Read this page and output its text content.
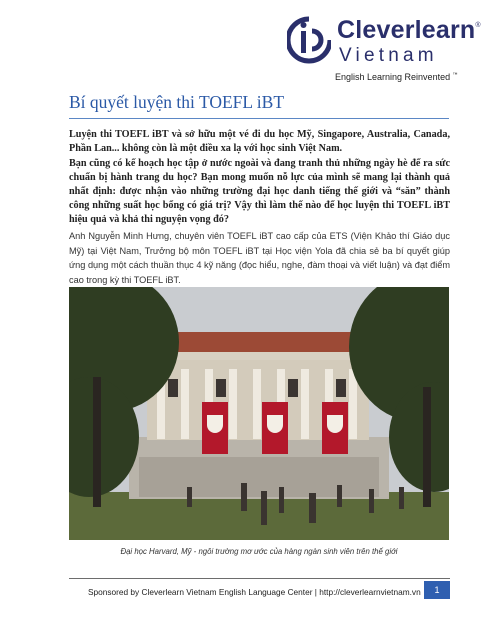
Cleverlearn®
Vietnam
English Learning Reinvented ™
Bí quyết luyện thi TOEFL iBT

Luyện thi TOEFL iBT và sở hữu một vé đi du học Mỹ, Singapore, Australia, Canada, Phần Lan... không còn là một điều xa lạ với học sinh Việt Nam.

Bạn cũng có kế hoạch học tập ở nước ngoài và đang tranh thủ những ngày hè để ra sức chuẩn bị hành trang du học? Bạn mong muốn nỗ lực của mình sẽ mang lại thành quả nhất định: được nhận vào những trường đại học danh tiếng thế giới và “săn” thành công những suất học bổng có giá trị? Vậy thì làm thế nào để học luyện thi TOEFL iBT hiệu quả và khả thi nguyện vọng đó?

Anh Nguyễn Minh Hưng, chuyên viên TOEFL iBT cao cấp của ETS (Viện Khảo thí Giáo dục Mỹ) tại Việt Nam, Trưởng bộ môn TOEFL iBT tại Học viện Yola đã chia sẻ ba bí quyết giúp ứng dụng một cách thuần thục 4 kỹ năng (đọc hiểu, nghe, đàm thoại và viết luận) và đạt điểm cao trong kỳ thi TOEFL iBT.

Đại học Harvard, Mỹ - ngôi trường mơ ước của hàng ngàn sinh viên trên thế giới

Sponsored by Cleverlearn Vietnam English Language Center | http://cleverlearnvietnam.vn	1
